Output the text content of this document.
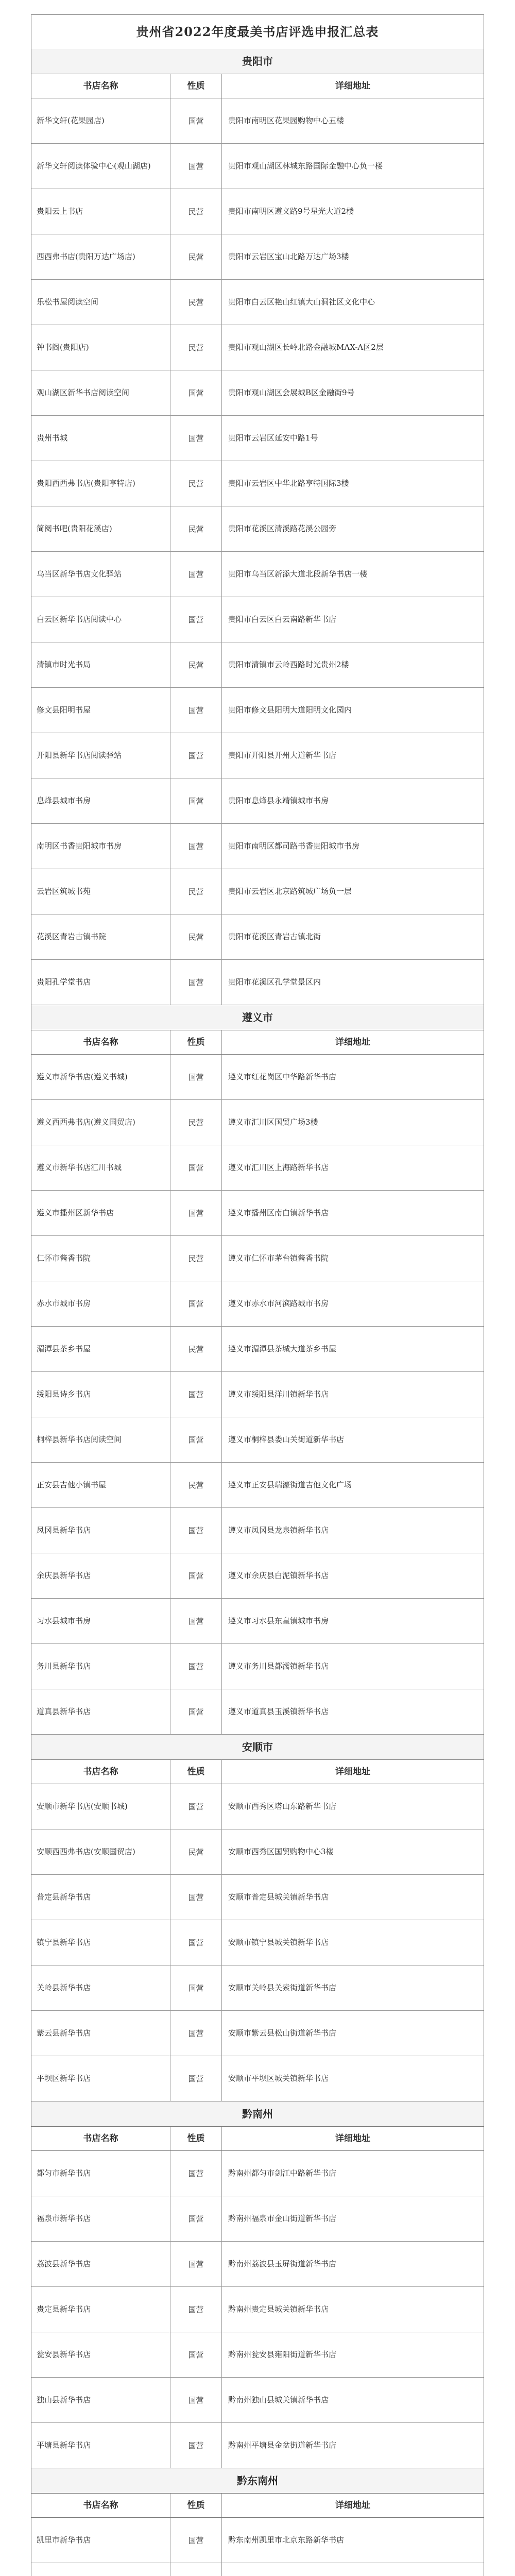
贵州省2022年度最美书店评选申报汇总表
贵阳市
书店名称	性质	详细地址
新华文轩(花果园店)	国营	贵阳市南明区花果园购物中心五楼
新华文轩阅读体验中心(观山湖店)	国营	贵阳市观山湖区林城东路国际金融中心负一楼
贵阳云上书店	民营	贵阳市南明区遵义路9号星光大道2楼
西西弗书店(贵阳万达广场店)	民营	贵阳市云岩区宝山北路万达广场3楼
乐松书屋阅读空间	民营	贵阳市白云区艳山红镇大山洞社区文化中心
钟书阁(贵阳店)	民营	贵阳市观山湖区长岭北路金融城MAX-A区2层
观山湖区新华书店阅读空间	国营	贵阳市观山湖区会展城B区金融街9号
贵州书城	国营	贵阳市云岩区延安中路1号
贵阳西西弗书店(贵阳亨特店)	民营	贵阳市云岩区中华北路亨特国际3楼
简阅书吧(贵阳花溪店)	民营	贵阳市花溪区清溪路花溪公园旁
乌当区新华书店文化驿站	国营	贵阳市乌当区新添大道北段新华书店一楼
白云区新华书店阅读中心	国营	贵阳市白云区白云南路新华书店
清镇市时光书局	民营	贵阳市清镇市云岭西路时光贵州2楼
修文县阳明书屋	国营	贵阳市修文县阳明大道阳明文化园内
开阳县新华书店阅读驿站	国营	贵阳市开阳县开州大道新华书店
息烽县城市书房	国营	贵阳市息烽县永靖镇城市书房
南明区书香贵阳城市书房	国营	贵阳市南明区都司路书香贵阳城市书房
云岩区筑城书苑	民营	贵阳市云岩区北京路筑城广场负一层
花溪区青岩古镇书院	民营	贵阳市花溪区青岩古镇北街
贵阳孔学堂书店	国营	贵阳市花溪区孔学堂景区内
遵义市
书店名称	性质	详细地址
遵义市新华书店(遵义书城)	国营	遵义市红花岗区中华路新华书店
遵义西西弗书店(遵义国贸店)	民营	遵义市汇川区国贸广场3楼
遵义市新华书店汇川书城	国营	遵义市汇川区上海路新华书店
遵义市播州区新华书店	国营	遵义市播州区南白镇新华书店
仁怀市酱香书院	民营	遵义市仁怀市茅台镇酱香书院
赤水市城市书房	国营	遵义市赤水市河滨路城市书房
湄潭县茶乡书屋	民营	遵义市湄潭县茶城大道茶乡书屋
绥阳县诗乡书店	国营	遵义市绥阳县洋川镇新华书店
桐梓县新华书店阅读空间	国营	遵义市桐梓县娄山关街道新华书店
正安县吉他小镇书屋	民营	遵义市正安县瑞濠街道吉他文化广场
凤冈县新华书店	国营	遵义市凤冈县龙泉镇新华书店
余庆县新华书店	国营	遵义市余庆县白泥镇新华书店
习水县城市书房	国营	遵义市习水县东皇镇城市书房
务川县新华书店	国营	遵义市务川县都濡镇新华书店
道真县新华书店	国营	遵义市道真县玉溪镇新华书店
安顺市
书店名称	性质	详细地址
安顺市新华书店(安顺书城)	国营	安顺市西秀区塔山东路新华书店
安顺西西弗书店(安顺国贸店)	民营	安顺市西秀区国贸购物中心3楼
普定县新华书店	国营	安顺市普定县城关镇新华书店
镇宁县新华书店	国营	安顺市镇宁县城关镇新华书店
关岭县新华书店	国营	安顺市关岭县关索街道新华书店
紫云县新华书店	国营	安顺市紫云县松山街道新华书店
平坝区新华书店	国营	安顺市平坝区城关镇新华书店
黔南州
书店名称	性质	详细地址
都匀市新华书店	国营	黔南州都匀市剑江中路新华书店
福泉市新华书店	国营	黔南州福泉市金山街道新华书店
荔波县新华书店	国营	黔南州荔波县玉屏街道新华书店
贵定县新华书店	国营	黔南州贵定县城关镇新华书店
瓮安县新华书店	国营	黔南州瓮安县雍阳街道新华书店
独山县新华书店	国营	黔南州独山县城关镇新华书店
平塘县新华书店	国营	黔南州平塘县金盆街道新华书店
黔东南州
书店名称	性质	详细地址
凯里市新华书店	国营	黔东南州凯里市北京东路新华书店
